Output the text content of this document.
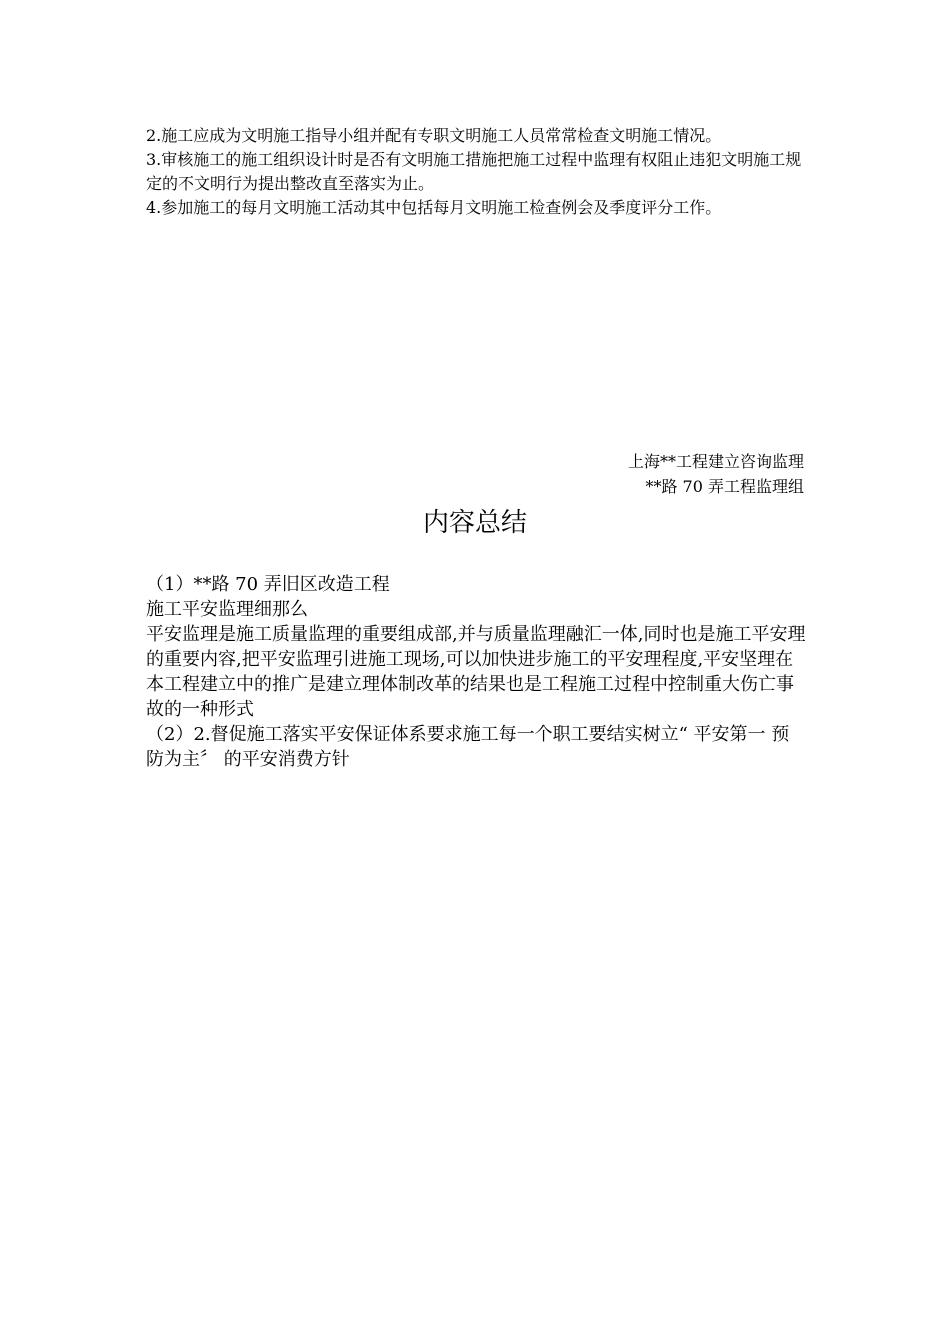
2.施工应成为文明施工指导小组并配有专职文明施工人员常常检查文明施工情况。

3.审核施工的施工组织设计时是否有文明施工措施把施工过程中监理有权阻止违犯文明施工规定的不文明行为提出整改直至落实为止。

4.参加施工的每月文明施工活动其中包括每月文明施工检查例会及季度评分工作。

上海**工程建立咨询监理

**路 70 弄工程监理组

内容总结

（1）**路 70 弄旧区改造工程

施工平安监理细那么

平安监理是施工质量监理的重要组成部,并与质量监理融汇一体,同时也是施工平安理的重要内容,把平安监理引进施工现场,可以加快进步施工的平安理程度,平安坚理在本工程建立中的推广是建立理体制改革的结果也是工程施工过程中控制重大伤亡事故的一种形式

（2）2.督促施工落实平安保证体系要求施工每一个职工要结实树立“ 平安第一 预防为主〞 的平安消费方针
